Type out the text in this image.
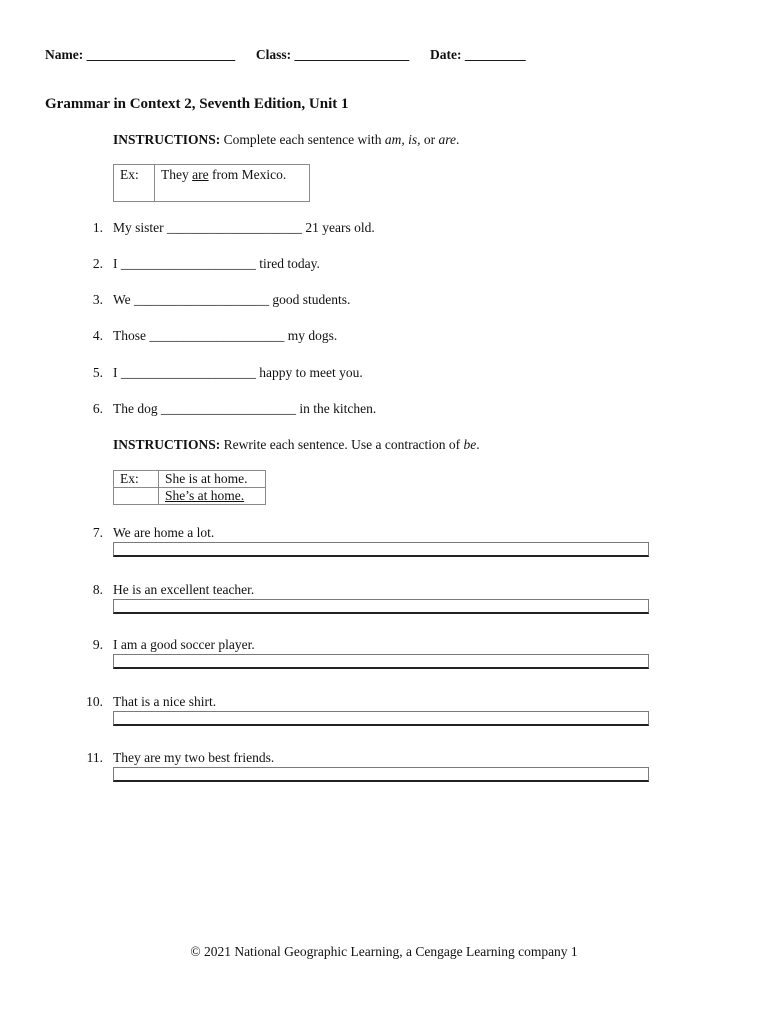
Name: ______________________ Class: _________________ Date: _________
Grammar in Context 2, Seventh Edition, Unit 1
INSTRUCTIONS: Complete each sentence with am, is, or are.
Ex:	They are from Mexico.
1. My sister ____________________ 21 years old.
2. I ____________________ tired today.
3. We ____________________ good students.
4. Those ____________________ my dogs.
5. I ____________________ happy to meet you.
6. The dog ____________________ in the kitchen.
INSTRUCTIONS: Rewrite each sentence. Use a contraction of be.
Ex:	She is at home.
	She’s at home.
7. We are home a lot.
8. He is an excellent teacher.
9. I am a good soccer player.
10. That is a nice shirt.
11. They are my two best friends.
© 2021 National Geographic Learning, a Cengage Learning company 1
